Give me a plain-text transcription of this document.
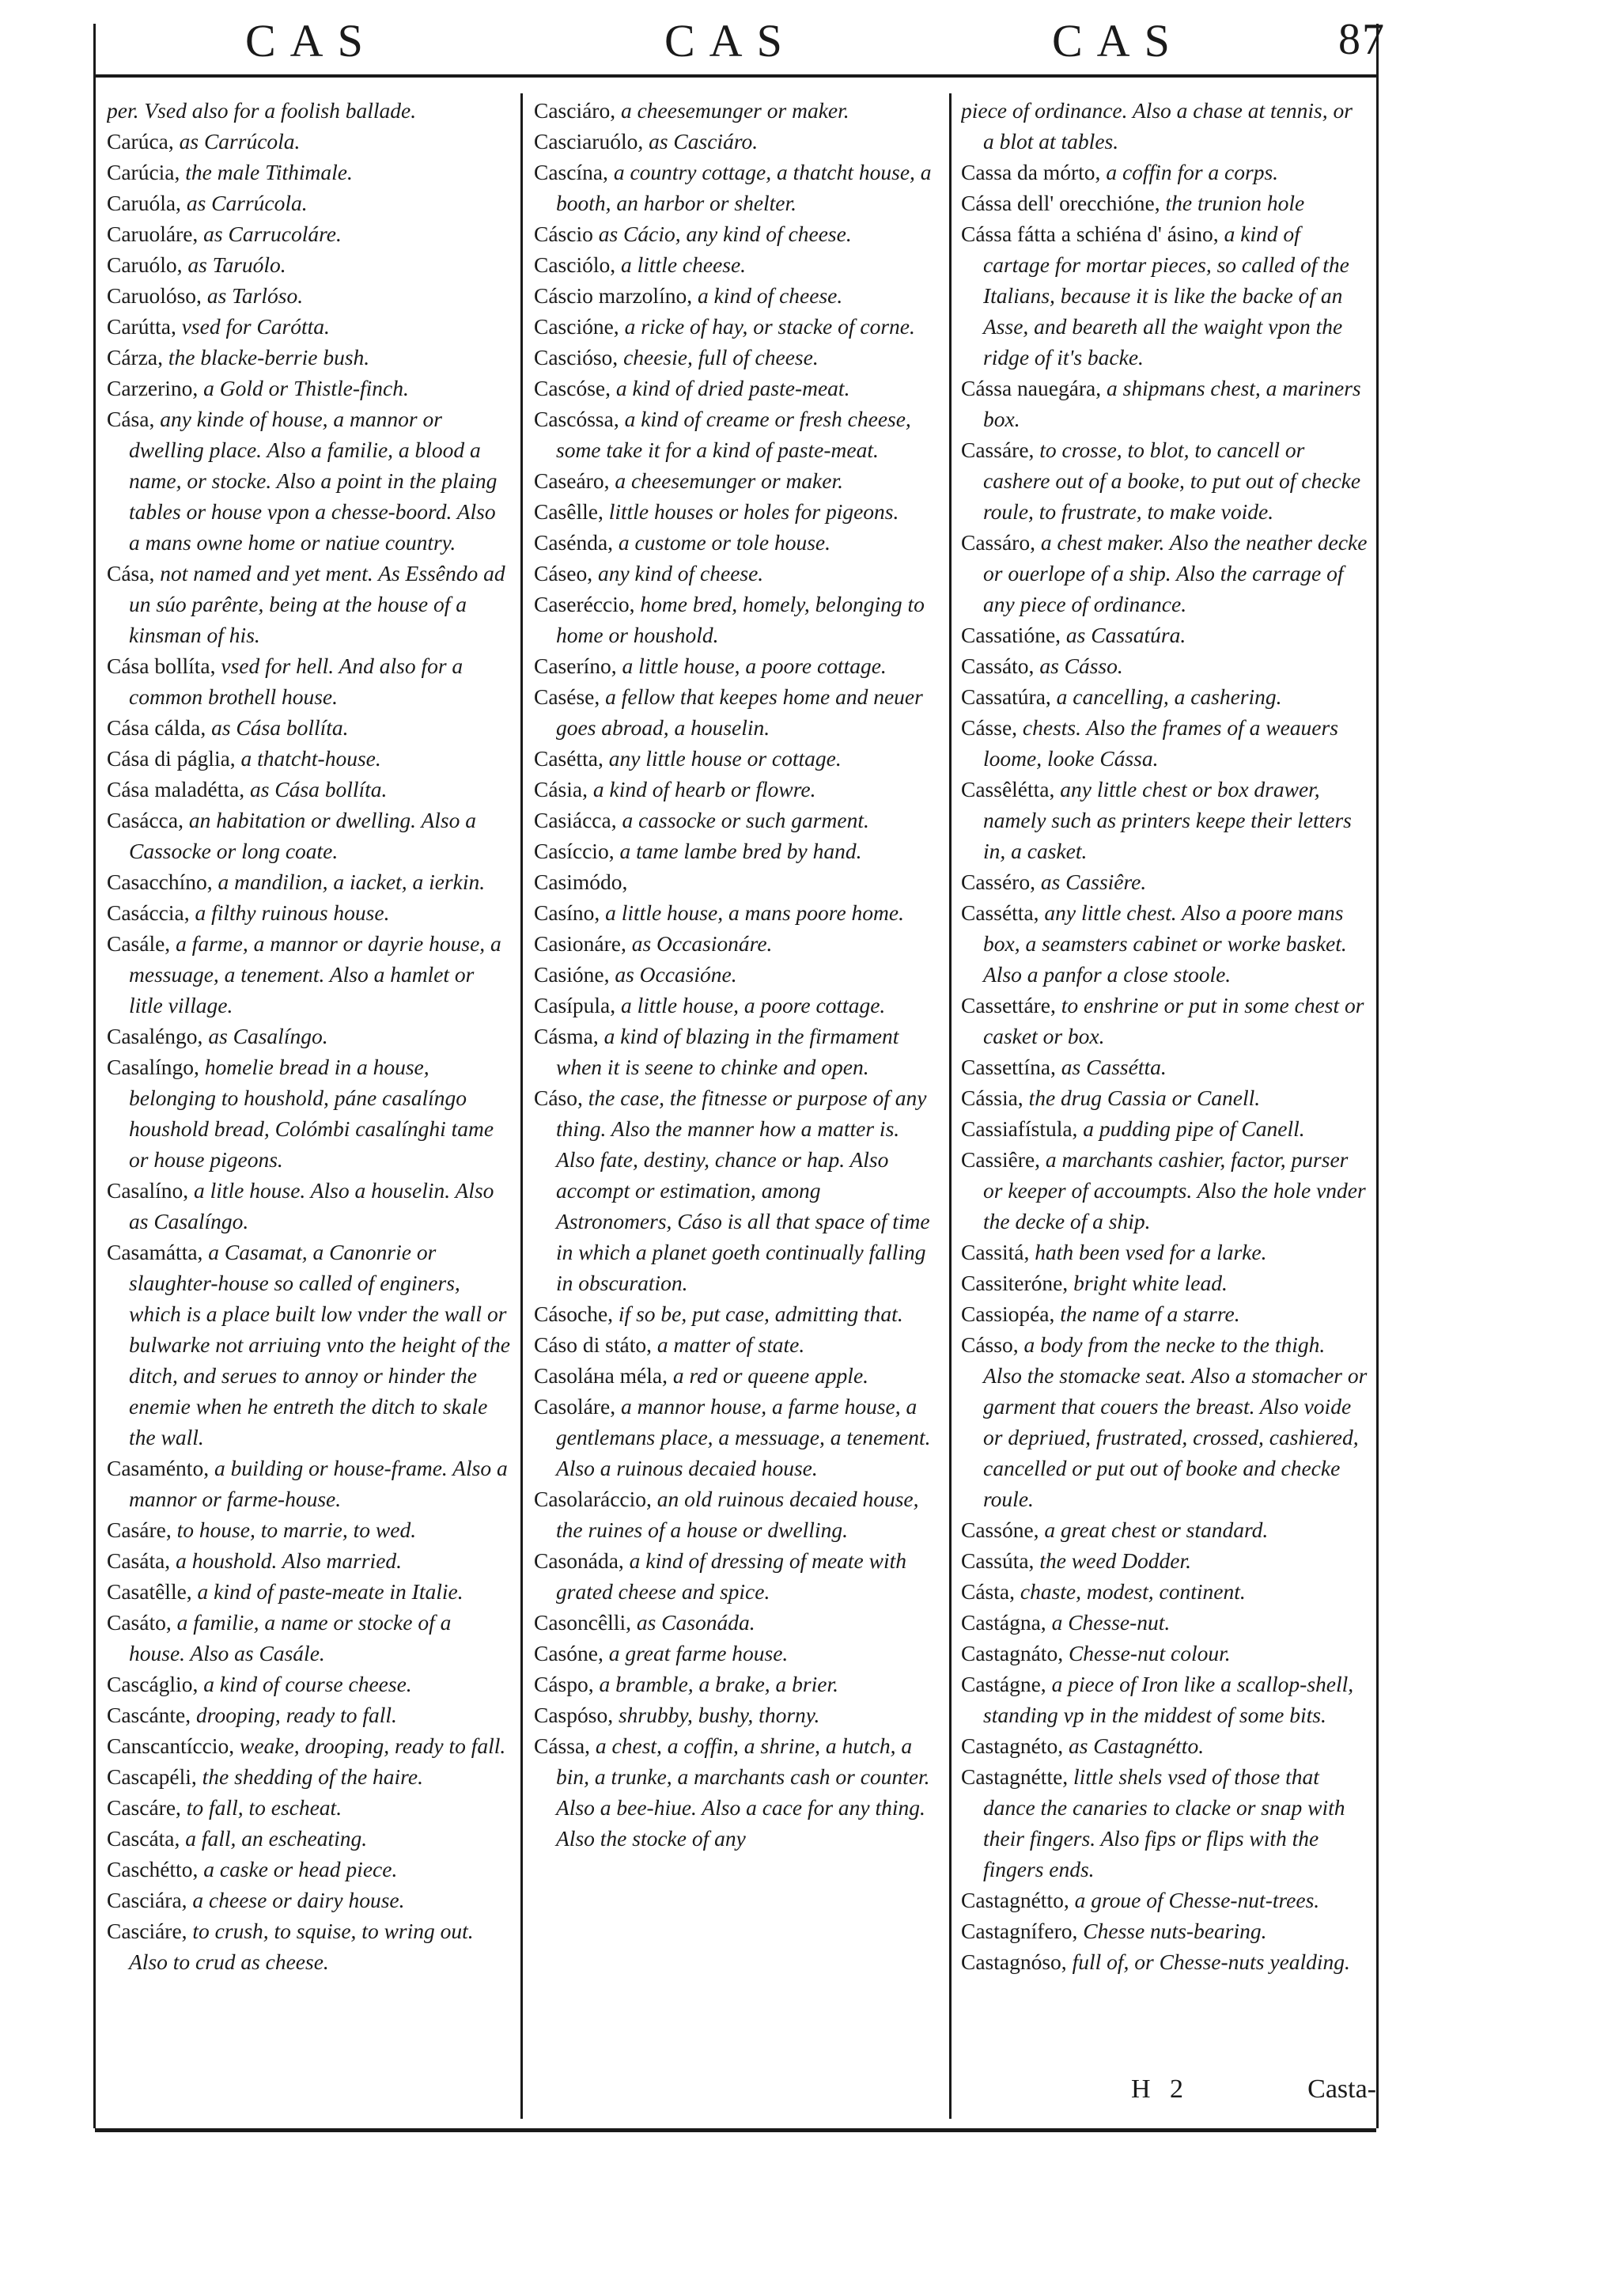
CAS	CAS	CAS	87

per. Vsed also for a foolish ballade.

Carúca, as Carrúcola.

Carúcia, the male Tithimale.

Caruóla, as Carrúcola.

Caruoláre, as Carrucoláre.

Caruólo, as Taruólo.

Caruolóso, as Tarlóso.

Carútta, vsed for Carótta.

Cárza, the blacke-berrie bush.

Carzerino, a Gold or Thistle-finch.

Cása, any kinde of house, a mannor or dwelling place. Also a familie, a blood a name, or stocke. Also a point in the plaing tables or house vpon a chesse-boord. Also a mans owne home or natiue country.

Cása, not named and yet ment. As Essêndo ad un súo parênte, being at the house of a kinsman of his.

Cása bollíta, vsed for hell. And also for a common brothell house.

Cása cálda, as Cása bollíta.

Cása di páglia, a thatcht-house.

Cása maladétta, as Cása bollíta.

Casácca, an habitation or dwelling. Also a Cassocke or long coate.

Casacchíno, a mandilion, a iacket, a ierkin.

Casáccia, a filthy ruinous house.

Casále, a farme, a mannor or dayrie house, a messuage, a tenement. Also a hamlet or litle village.

Casaléngo, as Casalíngo.

Casalíngo, homelie bread in a house, belonging to houshold, páne casalíngo houshold bread, Colómbi casalínghi tame or house pigeons.

Casalíno, a litle house. Also a houselin. Also as Casalíngo.

Casamátta, a Casamat, a Canonrie or slaughter-house so called of enginers, which is a place built low vnder the wall or bulwarke not arriuing vnto the height of the ditch, and serues to annoy or hinder the enemie when he entreth the ditch to skale the wall.

Casaménto, a building or house-frame. Also a mannor or farme-house.

Casáre, to house, to marrie, to wed.

Casáta, a houshold. Also married.

Casatêlle, a kind of paste-meate in Italie.

Casáto, a familie, a name or stocke of a house. Also as Casále.

Cascáglio, a kind of course cheese.

Cascánte, drooping, ready to fall.

Canscantíccio, weake, drooping, ready to fall.

Cascapéli, the shedding of the haire.

Cascáre, to fall, to escheat.

Cascáta, a fall, an escheating.

Caschétto, a caske or head piece.

Casciára, a cheese or dairy house.

Casciáre, to crush, to squise, to wring out. Also to crud as cheese.

Casciáro, a cheesemunger or maker.

Casciaruólo, as Casciáro.

Cascína, a country cottage, a thatcht house, a booth, an harbor or shelter.

Cáscio as Cácio, any kind of cheese.

Casciólo, a little cheese.

Cáscio marzolíno, a kind of cheese.

Cascióne, a ricke of hay, or stacke of corne.

Cascióso, cheesie, full of cheese.

Cascóse, a kind of dried paste-meat.

Cascóssa, a kind of creame or fresh cheese, some take it for a kind of paste-meat.

Caseáro, a cheesemunger or maker.

Casêlle, little houses or holes for pigeons.

Caséndа, a custome or tole house.

Cáseo, any kind of cheese.

Caseréccio, home bred, homely, belonging to home or houshold.

Caseríno, a little house, a poore cottage.

Casése, a fellow that keepes home and neuer goes abroad, a houselin.

Casétta, any little house or cottage.

Cásia, a kind of hearb or flowre.

Casiácca, a cassocke or such garment.

Casíccio, a tame lambe bred by hand.

Casimódo,

Casíno, a little house, a mans poore home.

Casionáre, as Occasionáre.

Casióne, as Occasióne.

Casípula, a little house, a poore cottage.

Cásma, a kind of blazing in the firmament when it is seene to chinke and open.

Cáso, the case, the fitnesse or purpose of any thing. Also the manner how a matter is. Also fate, destiny, chance or hap. Also accompt or estimation, among Astronomers, Cáso is all that space of time in which a planet goeth continually falling in obscuration.

Cásoche, if so be, put case, admitting that.

Cáso di státo, a matter of state.

Casoláна méla, a red or queene apple.

Casoláre, a mannor house, a farme house, a gentlemans place, a messuage, a tenement. Also a ruinous decaied house.

Casolaráccio, an old ruinous decaied house, the ruines of a house or dwelling.

Casonáda, a kind of dressing of meate with grated cheese and spice.

Casoncêlli, as Casonáda.

Casóne, a great farme house.

Cáspo, a bramble, a brake, a brier.

Caspóso, shrubby, bushy, thorny.

Cássa, a chest, a coffin, a shrine, a hutch, a bin, a trunke, a marchants cash or counter. Also a bee-hiue. Also a cace for any thing. Also the stocke of any

piece of ordinance. Also a chase at tennis, or a blot at tables.

Cassa da mórto, a coffin for a corps.

Cássa dell' orecchióne, the trunion hole

Cássa fátta a schiéna d' ásino, a kind of cartage for mortar pieces, so called of the Italians, because it is like the backe of an Asse, and beareth all the waight vpon the ridge of it's backe.

Cássa nauegára, a shipmans chest, a mariners box.

Cassáre, to crosse, to blot, to cancell or cashere out of a booke, to put out of checke roule, to frustrate, to make voide.

Cassáro, a chest maker. Also the neather decke or ouerlope of a ship. Also the carrage of any piece of ordinance.

Cassatióne, as Cassatúra.

Cassáto, as Cásso.

Cassatúra, a cancelling, a cashering.

Cásse, chests. Also the frames of a weauers loome, looke Cássa.

Cassêlétta, any little chest or box drawer, namely such as printers keepe their letters in, a casket.

Casséro, as Cassiêre.

Cassétta, any little chest. Also a poore mans box, a seamsters cabinet or worke basket. Also a panfor a close stoole.

Cassettáre, to enshrine or put in some chest or casket or box.

Cassettína, as Cassétta.

Cássia, the drug Cassia or Canell.

Cassiafístula, a pudding pipe of Canell.

Cassiêre, a marchants cashier, factor, purser or keeper of accoumpts. Also the hole vnder the decke of a ship.

Cassitá, hath been vsed for a larke.

Cassiteróne, bright white lead.

Cassiopéa, the name of a starre.

Cásso, a body from the necke to the thigh. Also the stomacke seat. Also a stomacher or garment that couers the breast. Also voide or depriued, frustrated, crossed, cashiered, cancelled or put out of booke and checke roule.

Cassóne, a great chest or standard.

Cassúta, the weed Dodder.

Cásta, chaste, modest, continent.

Castágna, a Chesse-nut.

Castagnáto, Chesse-nut colour.

Castágne, a piece of Iron like a scallop-shell, standing vp in the middest of some bits.

Castagnéto, as Castagnétto.

Castagnétte, little shels vsed of those that dance the canaries to clacke or snap with their fingers. Also fips or flips with the fingers ends.

Castagnétto, a groue of Chesse-nut-trees.

Castagnífero, Chesse nuts-bearing.

Castagnóso, full of, or Chesse-nuts yealding.

H 2	Casta-
